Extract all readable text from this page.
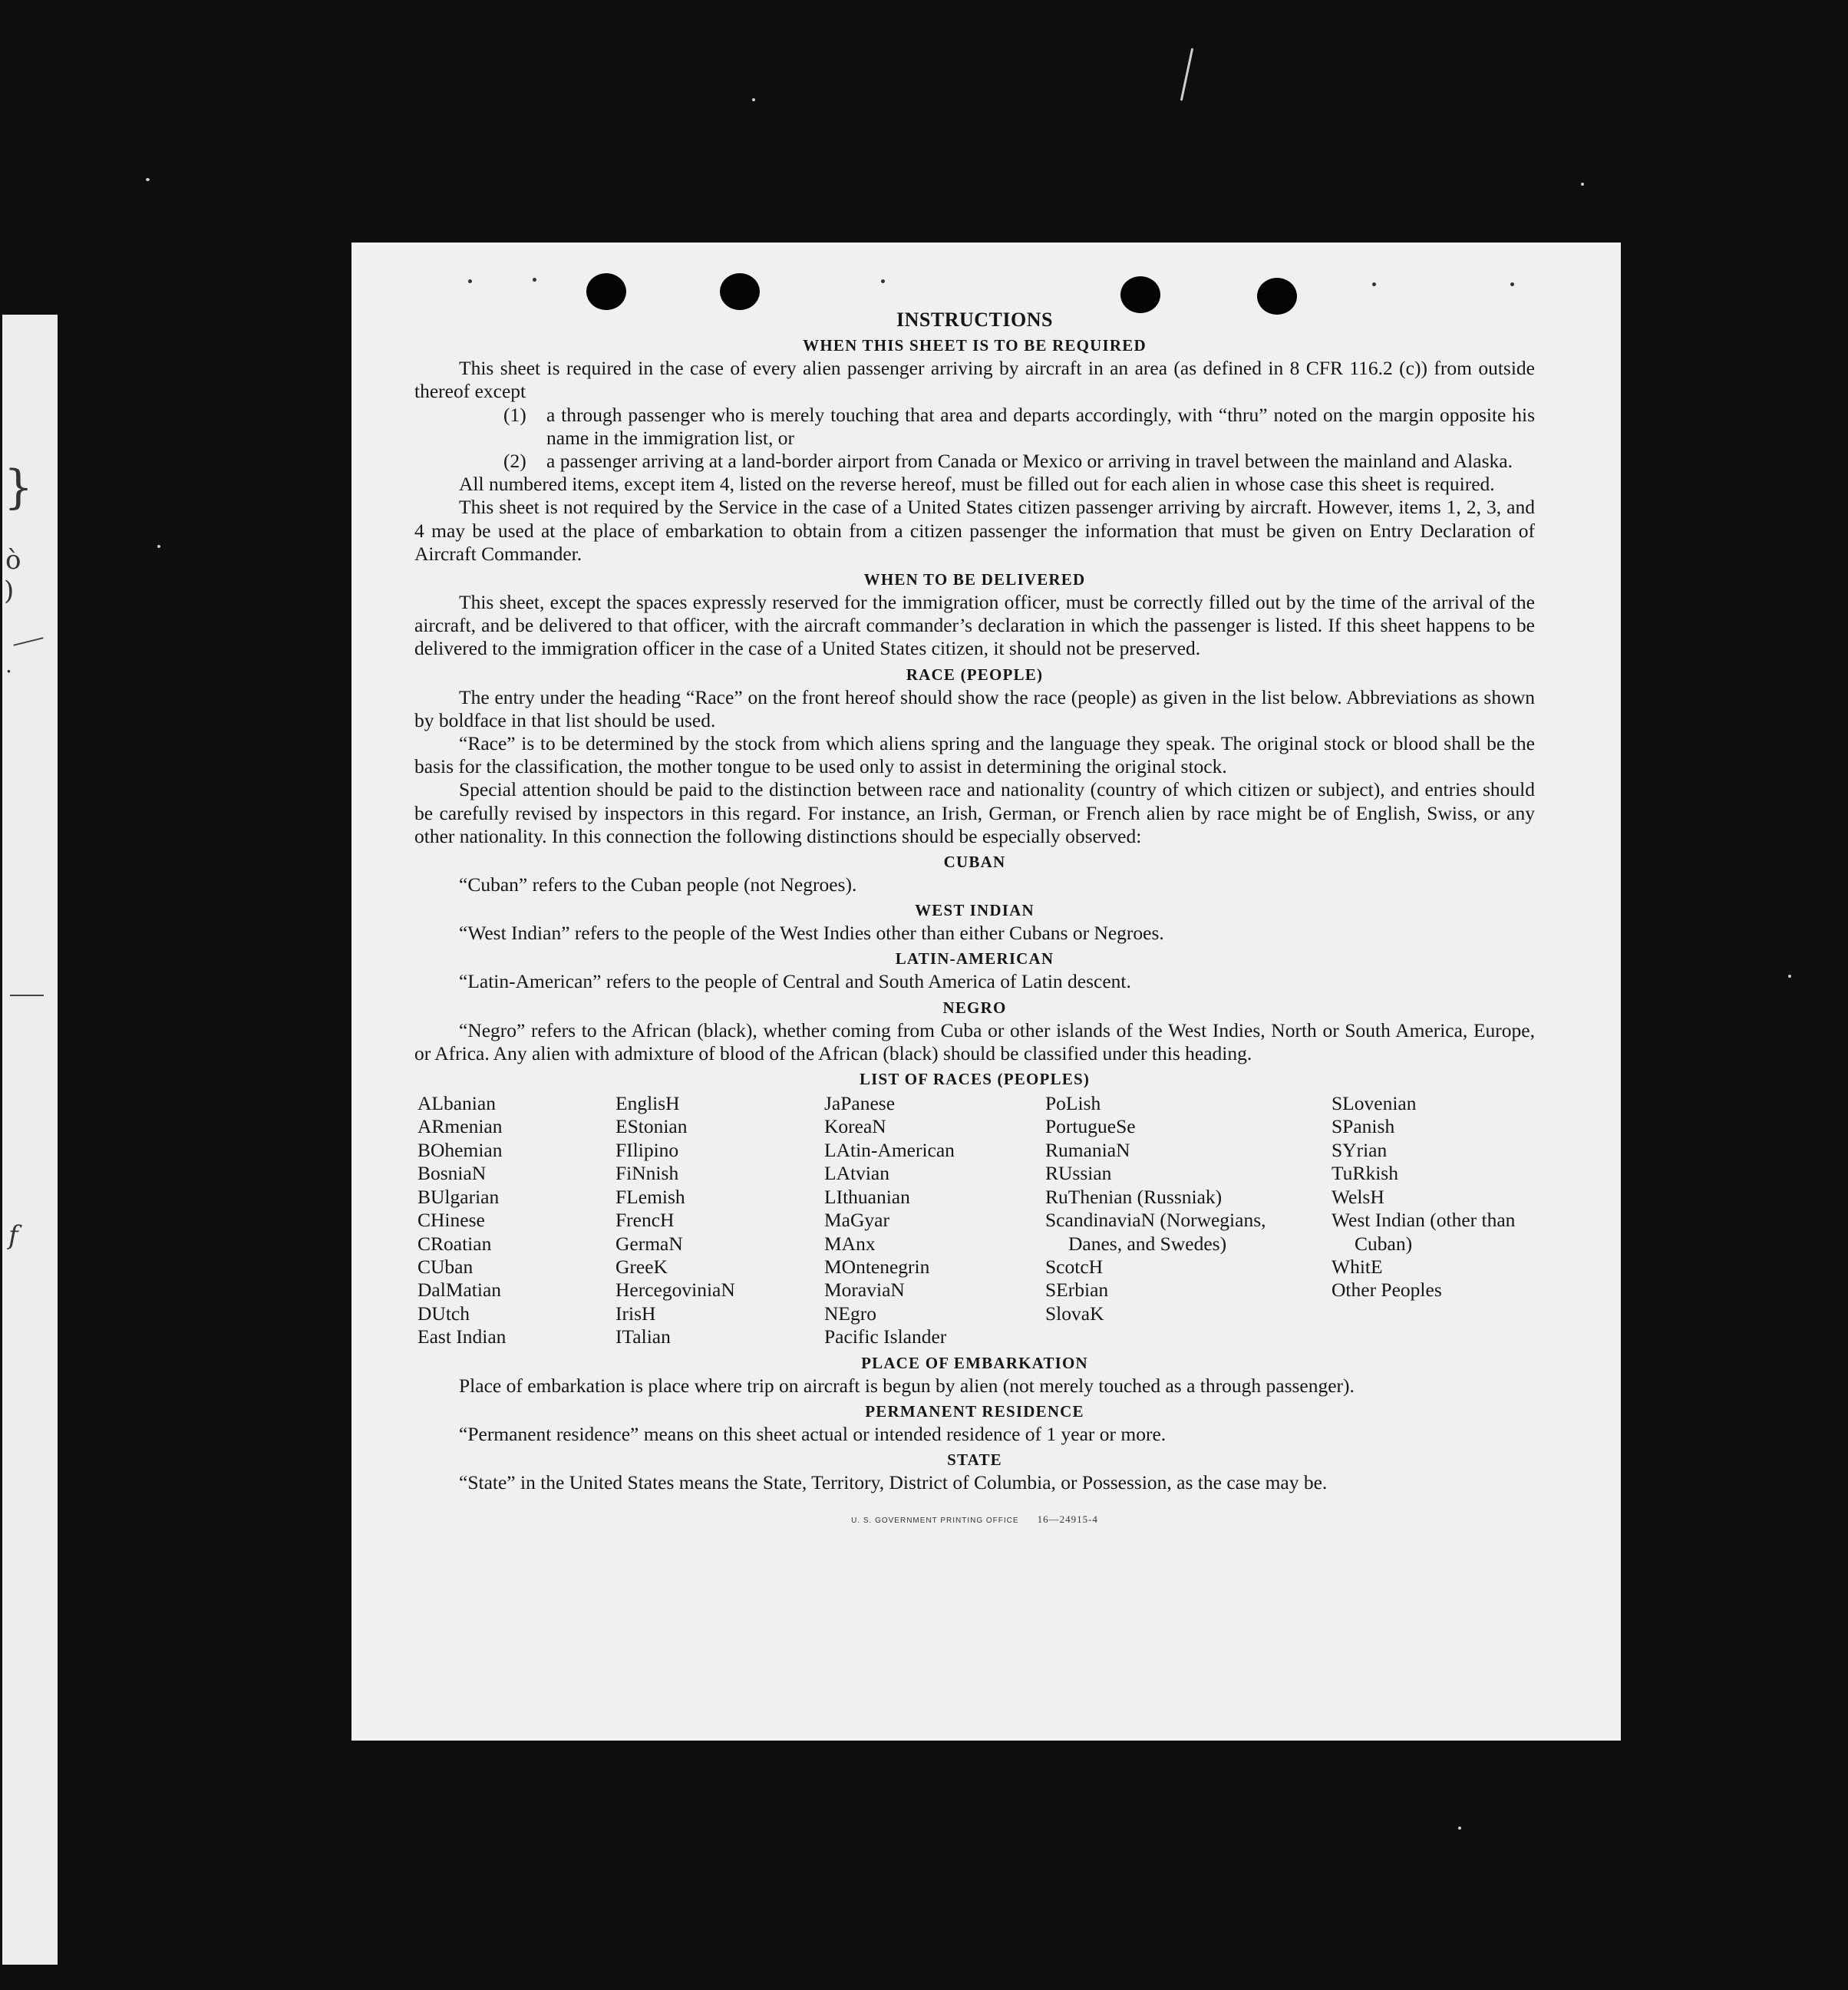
}
ò
)
.
f
INSTRUCTIONS
WHEN THIS SHEET IS TO BE REQUIRED

This sheet is required in the case of every alien passenger arriving by aircraft in an area (as defined in 8 CFR 116.2 (c)) from outside thereof except

(1)	a through passenger who is merely touching that area and departs accordingly, with “thru” noted on the margin opposite his name in the immigration list, or
(2)	a passenger arriving at a land-border airport from Canada or Mexico or arriving in travel between the mainland and Alaska.

All numbered items, except item 4, listed on the reverse hereof, must be filled out for each alien in whose case this sheet is required.

This sheet is not required by the Service in the case of a United States citizen passenger arriving by aircraft. However, items 1, 2, 3, and 4 may be used at the place of embarkation to obtain from a citizen passenger the information that must be given on Entry Declaration of Aircraft Commander.

WHEN TO BE DELIVERED

This sheet, except the spaces expressly reserved for the immigration officer, must be correctly filled out by the time of the arrival of the aircraft, and be delivered to that officer, with the aircraft commander’s declaration in which the passenger is listed. If this sheet happens to be delivered to the immigration officer in the case of a United States citizen, it should not be preserved.

RACE (PEOPLE)

The entry under the heading “Race” on the front hereof should show the race (people) as given in the list below. Abbreviations as shown by boldface in that list should be used.

“Race” is to be determined by the stock from which aliens spring and the language they speak. The original stock or blood shall be the basis for the classification, the mother tongue to be used only to assist in determining the original stock.

Special attention should be paid to the distinction between race and nationality (country of which citizen or subject), and entries should be carefully revised by inspectors in this regard. For instance, an Irish, German, or French alien by race might be of English, Swiss, or any other nationality. In this connection the following distinctions should be especially observed:

CUBAN

“Cuban” refers to the Cuban people (not Negroes).

WEST INDIAN

“West Indian” refers to the people of the West Indies other than either Cubans or Negroes.

LATIN-AMERICAN

“Latin-American” refers to the people of Central and South America of Latin descent.

NEGRO

“Negro” refers to the African (black), whether coming from Cuba or other islands of the West Indies, North or South America, Europe, or Africa. Any alien with admixture of blood of the African (black) should be classified under this heading.

LIST OF RACES (PEOPLES)
ALbanian
ARmenian
BOhemian
BosniaN
BUlgarian
CHinese
CRoatian
CUban
DalMatian
DUtch
East Indian
EnglisH
EStonian
FIlipino
FiNnish
FLemish
FrencH
GermaN
GreeK
HercegoviniaN
IrisH
ITalian
JaPanese
KoreaN
LAtin-American
LAtvian
LIthuanian
MaGyar
MAnx
MOntenegrin
MoraviaN
NEgro
Pacific Islander
PoLish
PortugueSe
RumaniaN
RUssian
RuThenian (Russniak)
ScandinaviaN (Norwegians, Danes, and Swedes)
ScotcH
SErbian
SlovaK
SLovenian
SPanish
SYrian
TuRkish
WelsH
West Indian (other than Cuban)
WhitE
Other Peoples
PLACE OF EMBARKATION

Place of embarkation is place where trip on aircraft is begun by alien (not merely touched as a through passenger).

PERMANENT RESIDENCE

“Permanent residence” means on this sheet actual or intended residence of 1 year or more.

STATE

“State” in the United States means the State, Territory, District of Columbia, or Possession, as the case may be.

U. S. GOVERNMENT PRINTING OFFICE 16—24915-4
